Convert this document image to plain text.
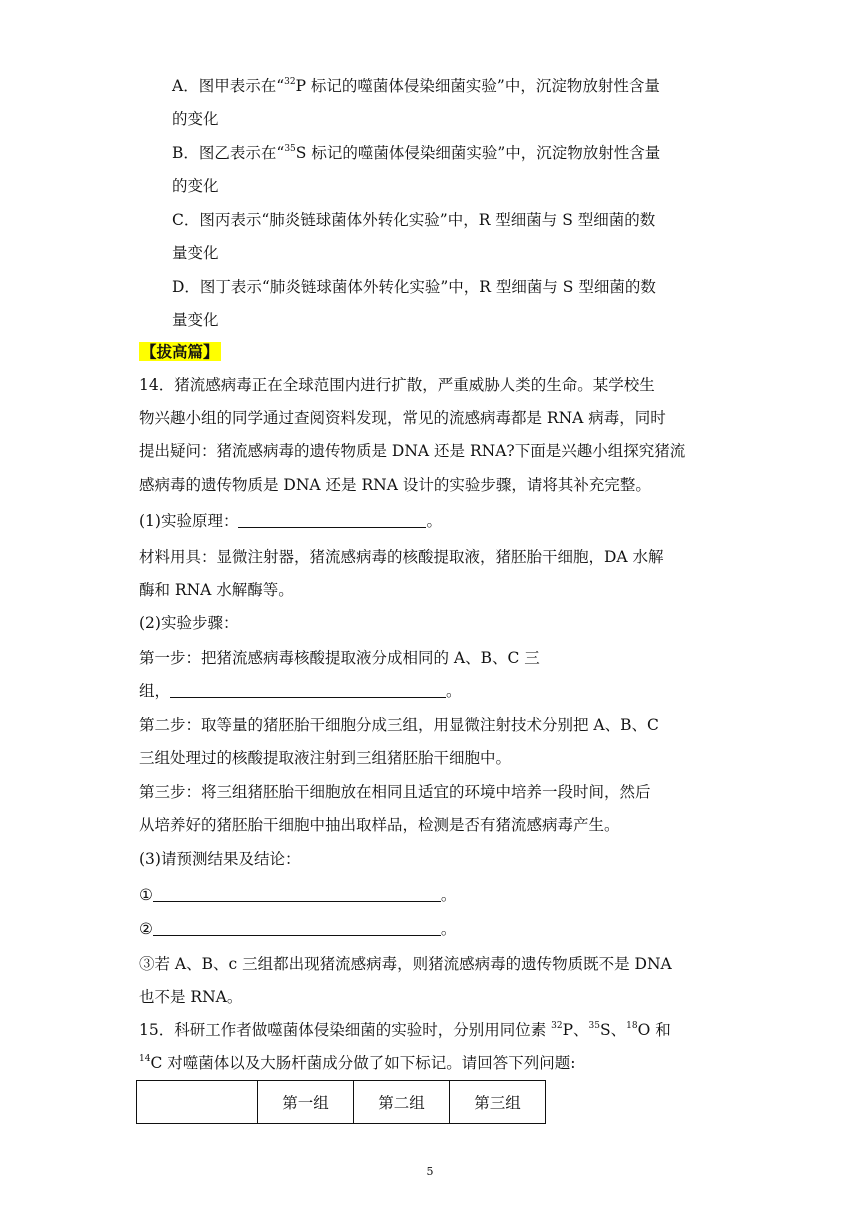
A．图甲表示在“$^{32}$P 标记的噬菌体侵染细菌实验”中，沉淀物放射性含量
的变化
B．图乙表示在“$^{35}$S 标记的噬菌体侵染细菌实验”中，沉淀物放射性含量
的变化
C．图丙表示“肺炎链球菌体外转化实验”中，R 型细菌与 S 型细菌的数
量变化
D．图丁表示“肺炎链球菌体外转化实验”中，R 型细菌与 S 型细菌的数
量变化
【拔高篇】
14．猪流感病毒正在全球范围内进行扩散，严重威胁人类的生命。某学校生
物兴趣小组的同学通过查阅资料发现，常见的流感病毒都是 RNA 病毒，同时
提出疑问：猪流感病毒的遗传物质是 DNA 还是 RNA?下面是兴趣小组探究猪流
感病毒的遗传物质是 DNA 还是 RNA 设计的实验步骤，请将其补充完整。
(1)实验原理：	。
材料用具：显微注射器，猪流感病毒的核酸提取液，猪胚胎干细胞，DA 水解
酶和 RNA 水解酶等。
(2)实验步骤：
第一步：把猪流感病毒核酸提取液分成相同的 A、B、C 三
组，	。
第二步：取等量的猪胚胎干细胞分成三组，用显微注射技术分别把 A、B、C
三组处理过的核酸提取液注射到三组猪胚胎干细胞中。
第三步：将三组猪胚胎干细胞放在相同且适宜的环境中培养一段时间，然后
从培养好的猪胚胎干细胞中抽出取样品，检测是否有猪流感病毒产生。
(3)请预测结果及结论：
①	。
②	。
③若 A、B、c 三组都出现猪流感病毒，则猪流感病毒的遗传物质既不是 DNA
也不是 RNA。
15．科研工作者做噬菌体侵染细菌的实验时，分别用同位素 $^{32}$P、$^{35}$S、$^{18}$O 和
$^{14}$C 对噬菌体以及大肠杆菌成分做了如下标记。请回答下列问题:
	第一组	第二组	第三组
5
